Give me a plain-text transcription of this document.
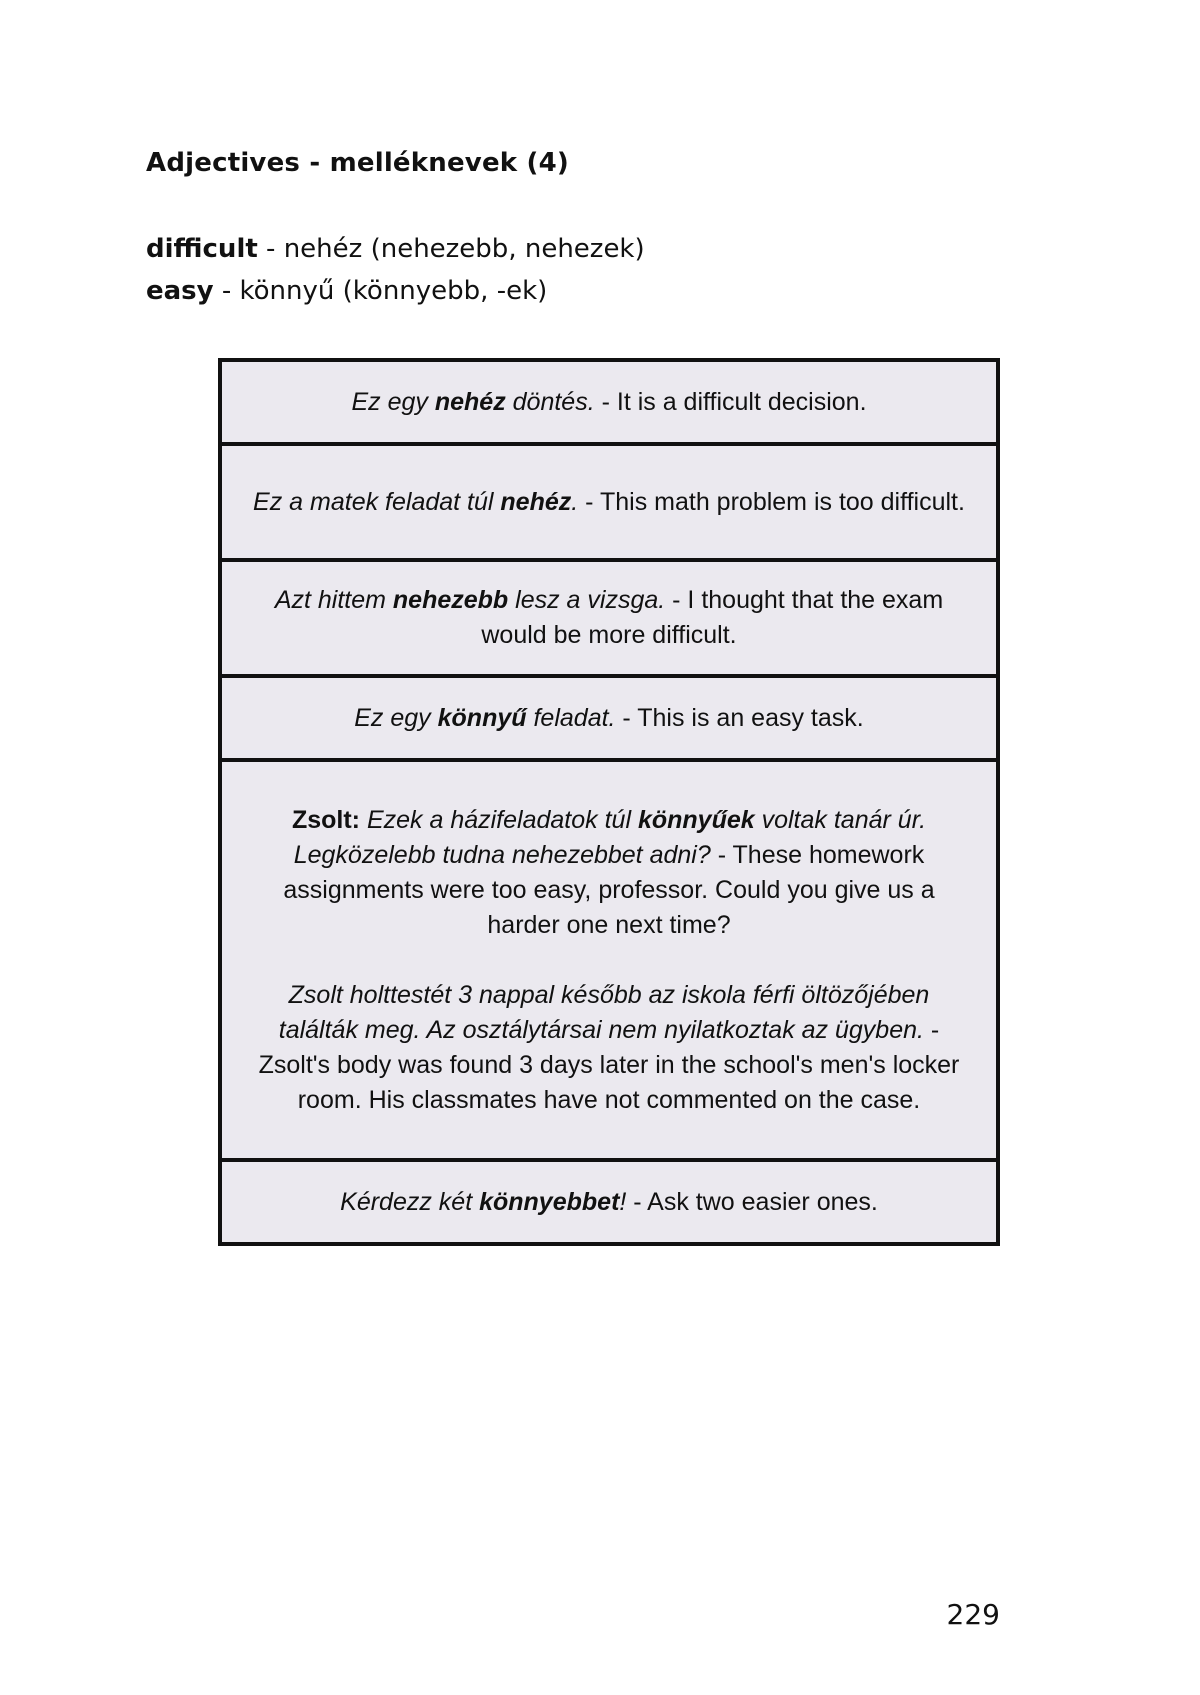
Adjectives - melléknevek (4)
difficult - nehéz (nehezebb, nehezek)
easy - könnyű (könnyebb, -ek)
Ez egy nehéz döntés. - It is a difficult decision.
Ez a matek feladat túl nehéz. - This math problem is too difficult.
Azt hittem nehezebb lesz a vizsga. - I thought that the exam would be more difficult.
Ez egy könnyű feladat. - This is an easy task.
Zsolt: Ezek a házifeladatok túl könnyűek voltak tanár úr. Legközelebb tudna nehezebbet adni? - These homework assignments were too easy, professor. Could you give us a harder one next time?
Zsolt holttestét 3 nappal később az iskola férfi öltözőjében találták meg. Az osztálytársai nem nyilatkoztak az ügyben. - Zsolt's body was found 3 days later in the school's men's locker room. His classmates have not commented on the case.
Kérdezz két könnyebbet! - Ask two easier ones.
229
